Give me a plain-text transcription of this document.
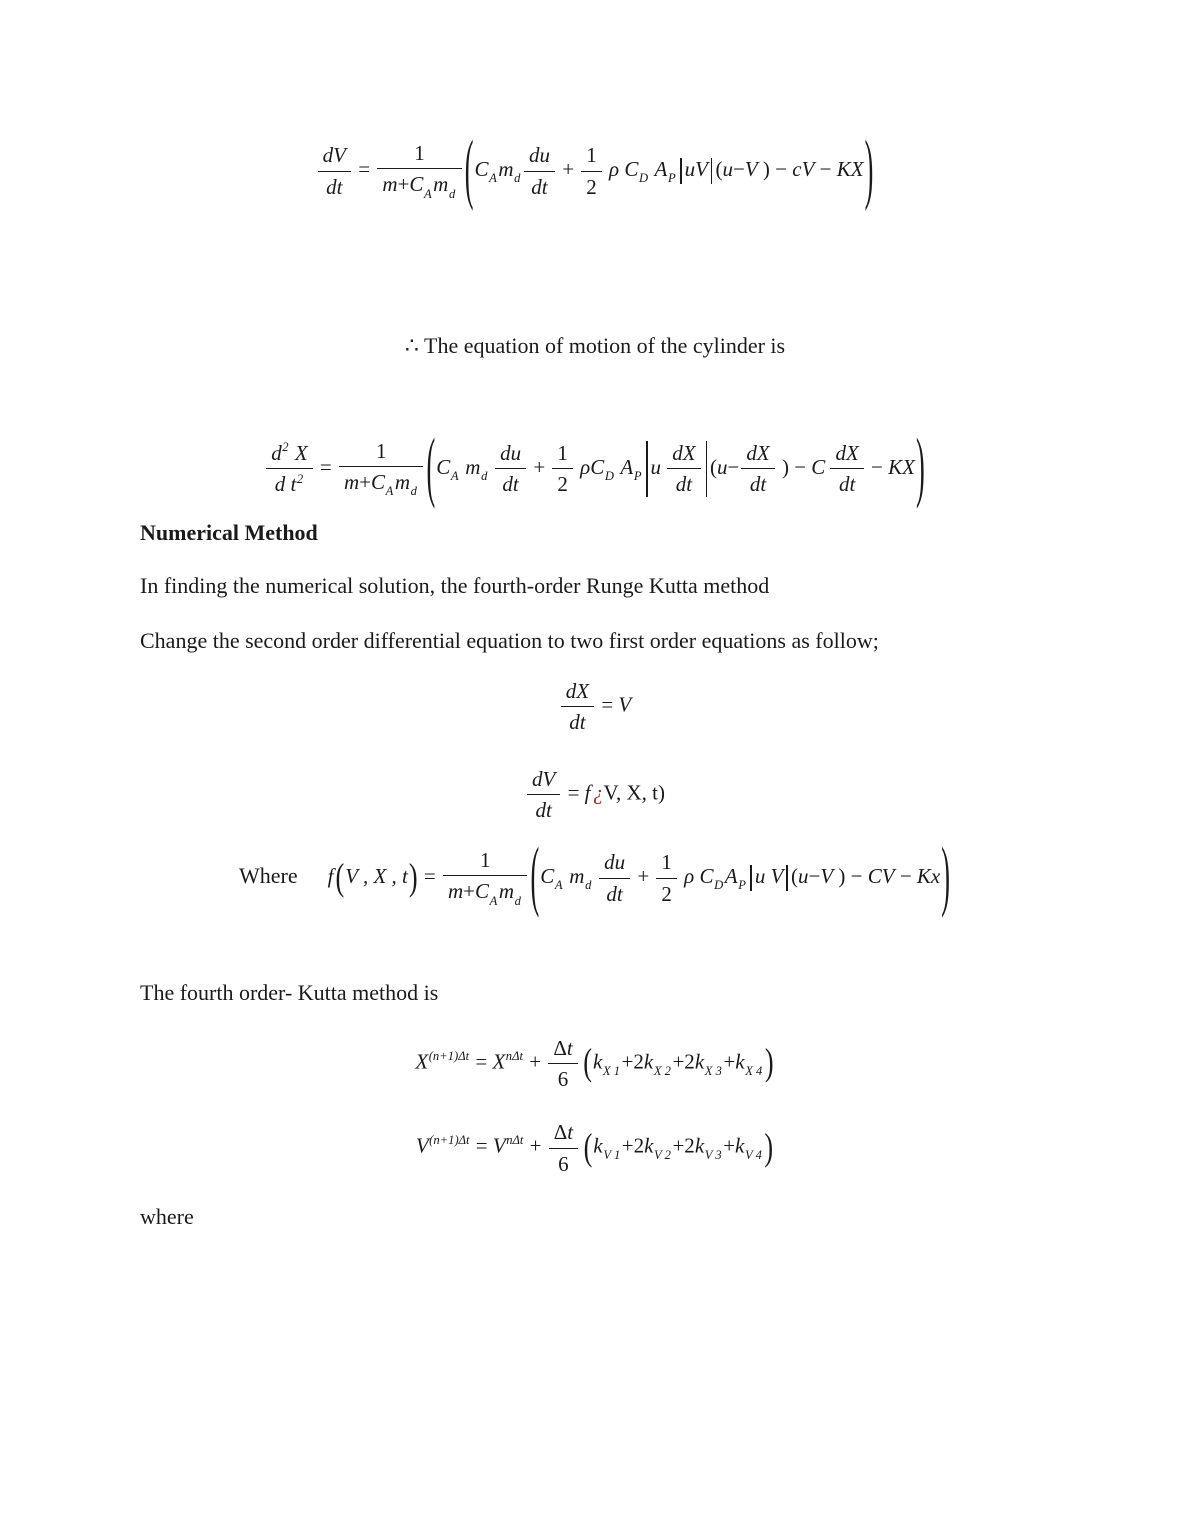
$\frac{dV}{dt} = \frac{1}{m+C_Am_d} (C_Am_d \frac{du}{dt} + \frac{1}{2}$ ρ $C_D$ $A_P$ uV (u−V ) − cV − KX)

∴ The equation of motion of the cylinder is

$\frac{d^2 X}{d t^2} = \frac{1}{m+C_Am_d} (C_A$ $m_d \frac{du}{dt} + \frac{1}{2} \rho C_D$ $A_P$ u $\frac{dX}{dt} (u- \frac{dX}{dt}$ ) − C $\frac{dX}{dt} - KX$)
Numerical Method

In finding the numerical solution, the fourth-order Runge Kutta method

Change the second order differential equation to two first order equations as follow;

$\frac{dX}{dt} = V$
$\frac{dV}{dt} = f$ ¿V, X, t)
Where f(V , X , $t) = \frac{1}{m+C_Am_d} (C_A$ $m_d \frac{du}{dt} + \frac{1}{2}$ ρ $C_DA_P$ u V (u−V ) − CV − Kx)

The fourth order- Kutta method is

$X^{(n+1)\Delta t} = X^{n\Delta t} + \frac{\Delta t}{6} (k_{X 1}+2k_{X 2}+2k_{X 3}+k_{X 4})$
$V^{(n+1)\Delta t} = V^{n\Delta t} + \frac{\Delta t}{6} (k_{V 1}+2k_{V 2}+2k_{V 3}+k_{V 4})$

where
